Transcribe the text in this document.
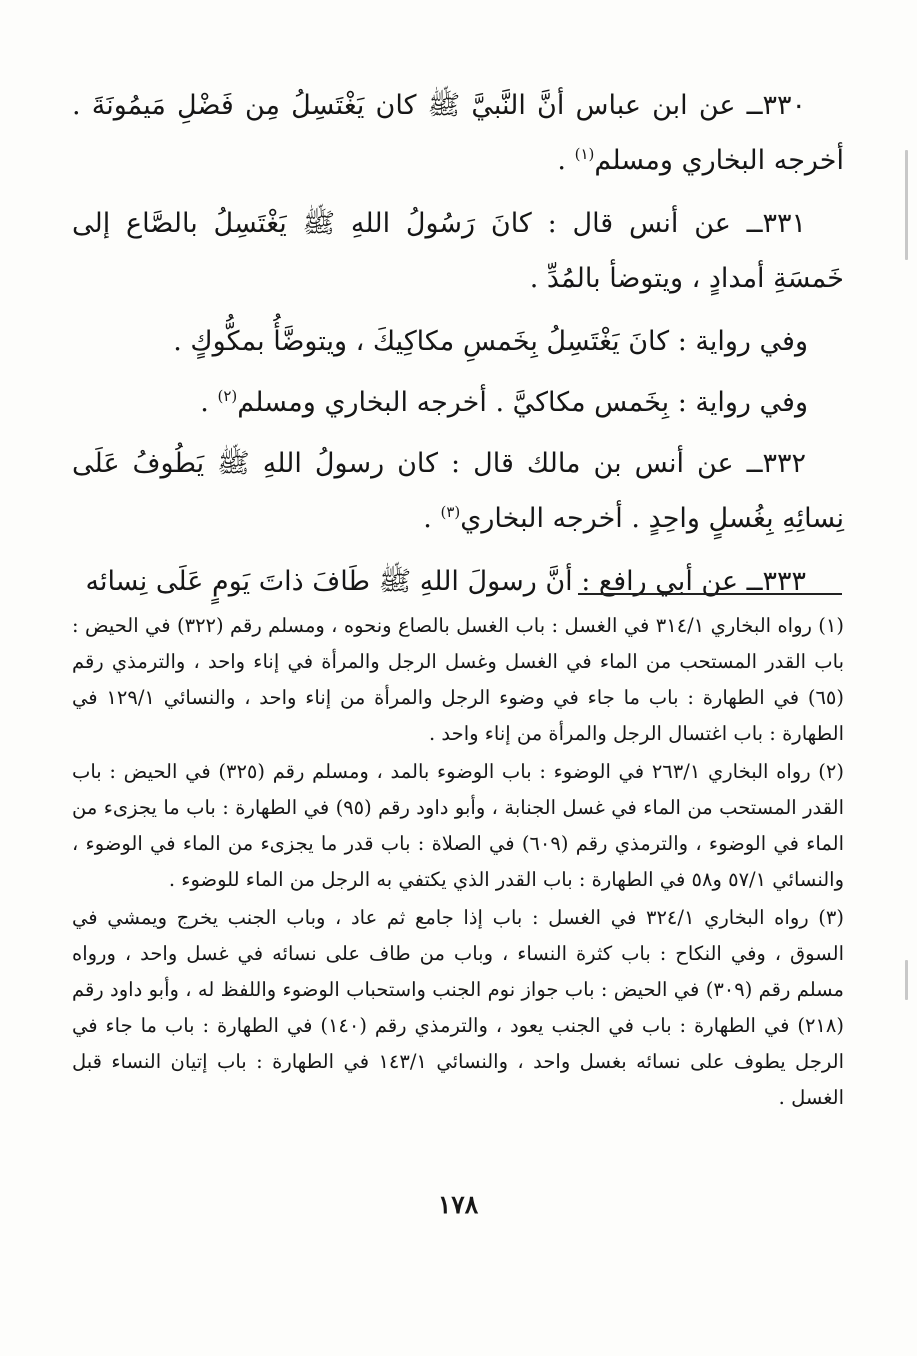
٣٣٠ــ عن ابن عباس أنَّ النَّبيَّ ﷺ كان يَغْتَسِلُ مِن فَضْلِ مَيمُونَةَ . أخرجه البخاري ومسلم$^{(١)}$ .

٣٣١ــ عن أنس قال : كانَ رَسُولُ اللهِ ﷺ يَغْتَسِلُ بالصَّاع إلى خَمسَةِ أمدادٍ ، ويتوضأ بالمُدِّ .

وفي رواية : كانَ يَغْتَسِلُ بِخَمسِ مكاكِيكَ ، ويتوضَّأُ بمكُّوكٍ .

وفي رواية : بِخَمس مكاكيَّ . أخرجه البخاري ومسلم$^{(٢)}$ .

٣٣٢ــ عن أنس بن مالك قال : كان رسولُ اللهِ ﷺ يَطُوفُ عَلَى نِسائِهِ بِغُسلٍ واحِدٍ . أخرجه البخاري$^{(٣)}$ .

٣٣٣ــ عن أبي رافع : أنَّ رسولَ اللهِ ﷺ طَافَ ذاتَ يَومٍ عَلَى نِسائه

(١) رواه البخاري ٣١٤/١ في الغسل : باب الغسل بالصاع ونحوه ، ومسلم رقم (٣٢٢) في الحيض : باب القدر المستحب من الماء في الغسل وغسل الرجل والمرأة في إناء واحد ، والترمذي رقم (٦٥) في الطهارة : باب ما جاء في وضوء الرجل والمرأة من إناء واحد ، والنسائي ١٢٩/١ في الطهارة : باب اغتسال الرجل والمرأة من إناء واحد .

(٢) رواه البخاري ٢٦٣/١ في الوضوء : باب الوضوء بالمد ، ومسلم رقم (٣٢٥) في الحيض : باب القدر المستحب من الماء في غسل الجنابة ، وأبو داود رقم (٩٥) في الطهارة : باب ما يجزىء من الماء في الوضوء ، والترمذي رقم (٦٠٩) في الصلاة : باب قدر ما يجزىء من الماء في الوضوء ، والنسائي ٥٧/١ و٥٨ في الطهارة : باب القدر الذي يكتفي به الرجل من الماء للوضوء .

(٣) رواه البخاري ٣٢٤/١ في الغسل : باب إذا جامع ثم عاد ، وباب الجنب يخرج ويمشي في السوق ، وفي النكاح : باب كثرة النساء ، وباب من طاف على نسائه في غسل واحد ، ورواه مسلم رقم (٣٠٩) في الحيض : باب جواز نوم الجنب واستحباب الوضوء واللفظ له ، وأبو داود رقم (٢١٨) في الطهارة : باب في الجنب يعود ، والترمذي رقم (١٤٠) في الطهارة : باب ما جاء في الرجل يطوف على نسائه بغسل واحد ، والنسائي ١٤٣/١ في الطهارة : باب إتيان النساء قبل الغسل .

١٧٨
